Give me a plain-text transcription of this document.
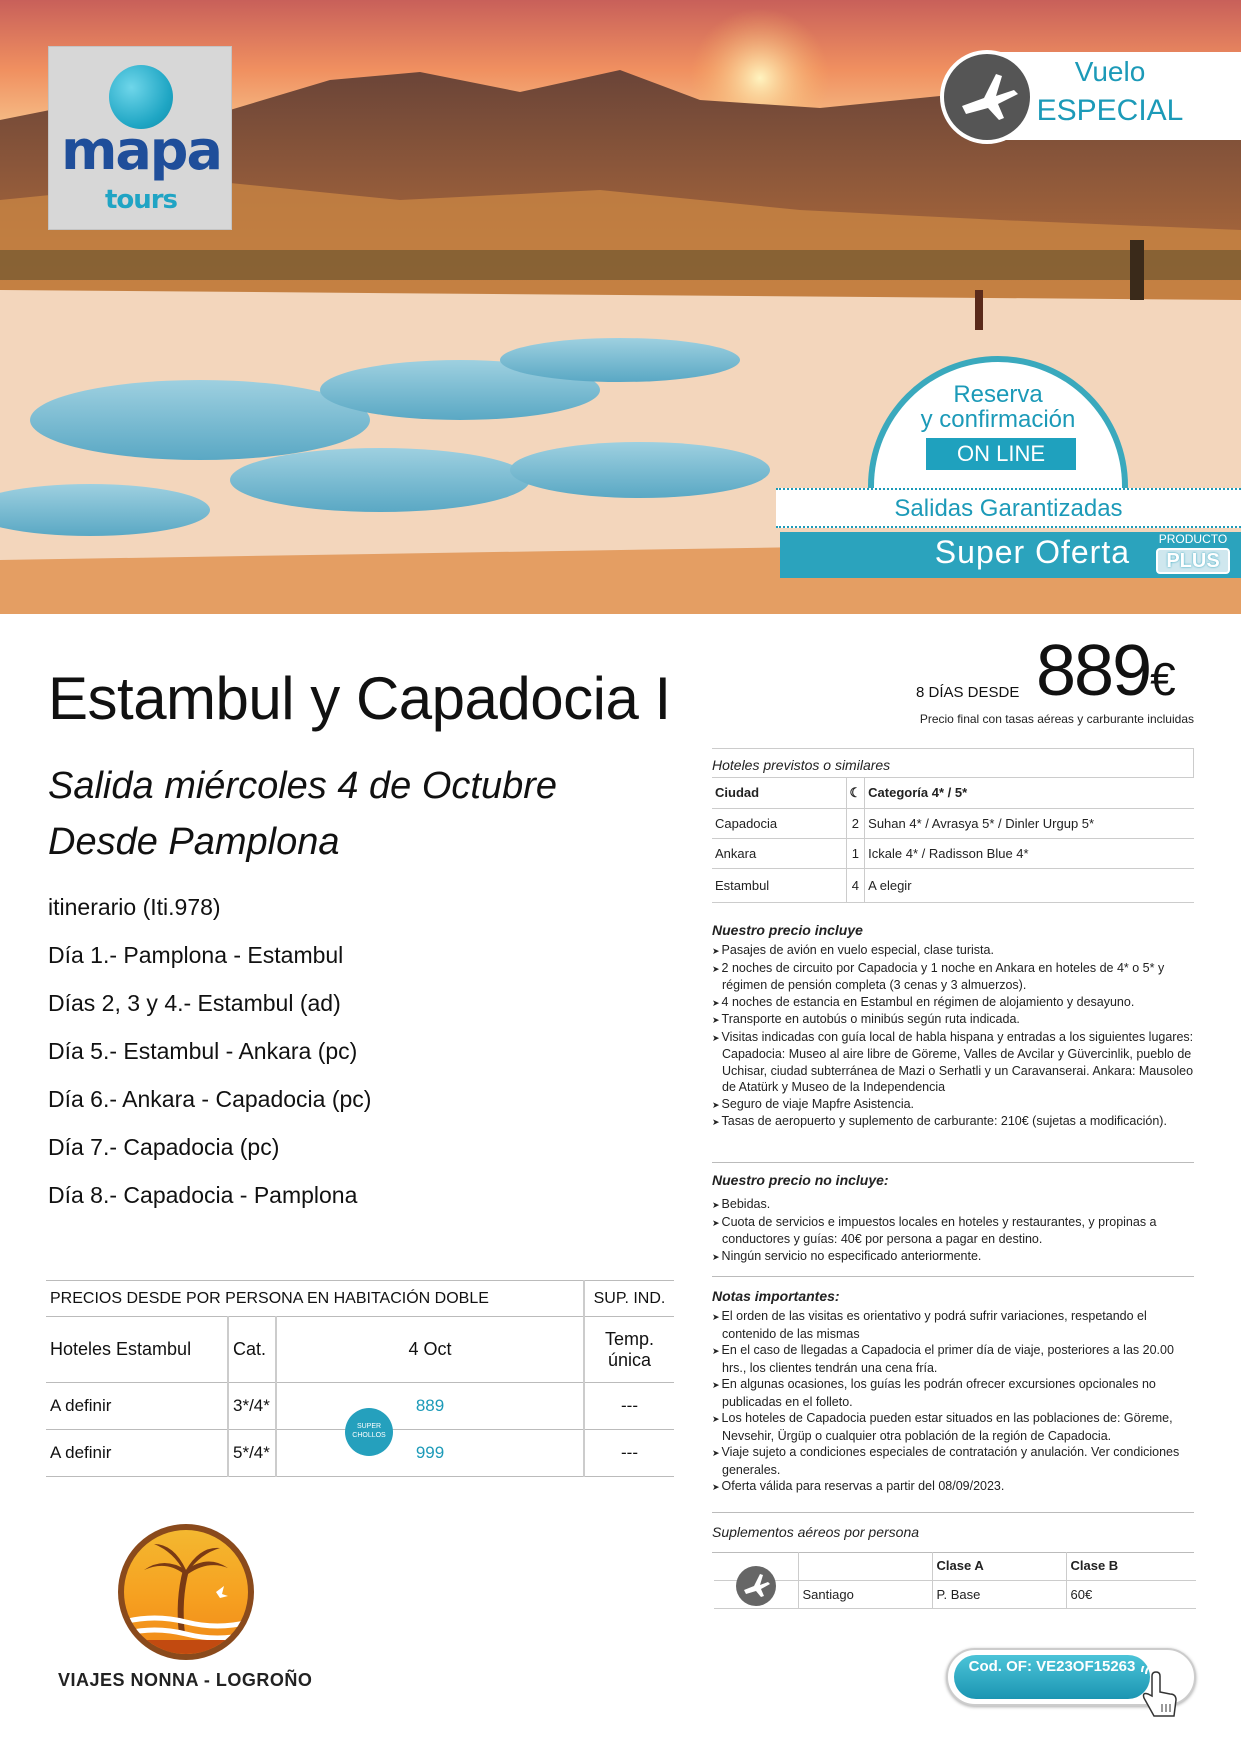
mapa
tours
Vuelo
ESPECIAL
Reserva
y confirmación
ON LINE
Salidas Garantizadas
Super Oferta	PRODUCTO
PLUS
Estambul y Capadocia I
Salida miércoles 4 de Octubre
Desde Pamplona
itinerario (Iti.978)
Día 1.- Pamplona - Estambul
Días 2, 3 y 4.- Estambul (ad)
Día 5.- Estambul - Ankara (pc)
Día 6.- Ankara - Capadocia (pc)
Día 7.- Capadocia (pc)
Día 8.- Capadocia - Pamplona
PRECIOS DESDE POR PERSONA EN HABITACIÓN DOBLE			SUP. IND.
Hoteles Estambul	Cat.	4 Oct	Temp.
única

A definir	3*/4*	889	---
A definir	5*/4*	999	---
SUPER
CHOLLOS
VIAJES NONNA - LOGROÑO
8 DÍAS DESDE 889€
Precio final con tasas aéreas y carburante incluidas
Hoteles previstos o similares
Ciudad	☾	Categoría 4* / 5*
Capadocia	2	Suhan 4* / Avrasya 5* / Dinler Urgup 5*
Ankara	1	Ickale 4* / Radisson Blue 4*
Estambul	4	A elegir
Nuestro precio incluye
➤ Pasajes de avión en vuelo especial, clase turista.
➤ 2 noches de circuito por Capadocia y 1 noche en Ankara en hoteles de 4* o 5* y régimen de pensión completa (3 cenas y 3 almuerzos).
➤ 4 noches de estancia en Estambul en régimen de alojamiento y desayuno.
➤ Transporte en autobús o minibús según ruta indicada.
➤ Visitas indicadas con guía local de habla hispana y entradas a los siguientes lugares: Capadocia: Museo al aire libre de Göreme, Valles de Avcilar y Güvercinlik, pueblo de Uchisar, ciudad subterránea de Mazi o Serhatli y un Caravanserai. Ankara: Mausoleo de Atatürk y Museo de la Independencia
➤ Seguro de viaje Mapfre Asistencia.
➤ Tasas de aeropuerto y suplemento de carburante: 210€ (sujetas a modificación).
Nuestro precio no incluye:
➤ Bebidas.
➤ Cuota de servicios e impuestos locales en hoteles y restaurantes, y propinas a conductores y guías: 40€ por persona a pagar en destino.
➤ Ningún servicio no especificado anteriormente.
Notas importantes:
➤ El orden de las visitas es orientativo y podrá sufrir variaciones, respetando el contenido de las mismas
➤ En el caso de llegadas a Capadocia el primer día de viaje, posteriores a las 20.00 hrs., los clientes tendrán una cena fría.
➤ En algunas ocasiones, los guías les podrán ofrecer excursiones opcionales no publicadas en el folleto.
➤ Los hoteles de Capadocia pueden estar situados en las poblaciones de: Göreme, Nevsehir, Ürgüp o cualquier otra población de la región de Capadocia.
➤ Viaje sujeto a condiciones especiales de contratación y anulación. Ver condiciones generales.
➤ Oferta válida para reservas a partir del 08/09/2023.
Suplementos aéreos por persona
		Clase A	Clase B
	Santiago	P. Base	60€
Cod. OF: VE23OF15263
